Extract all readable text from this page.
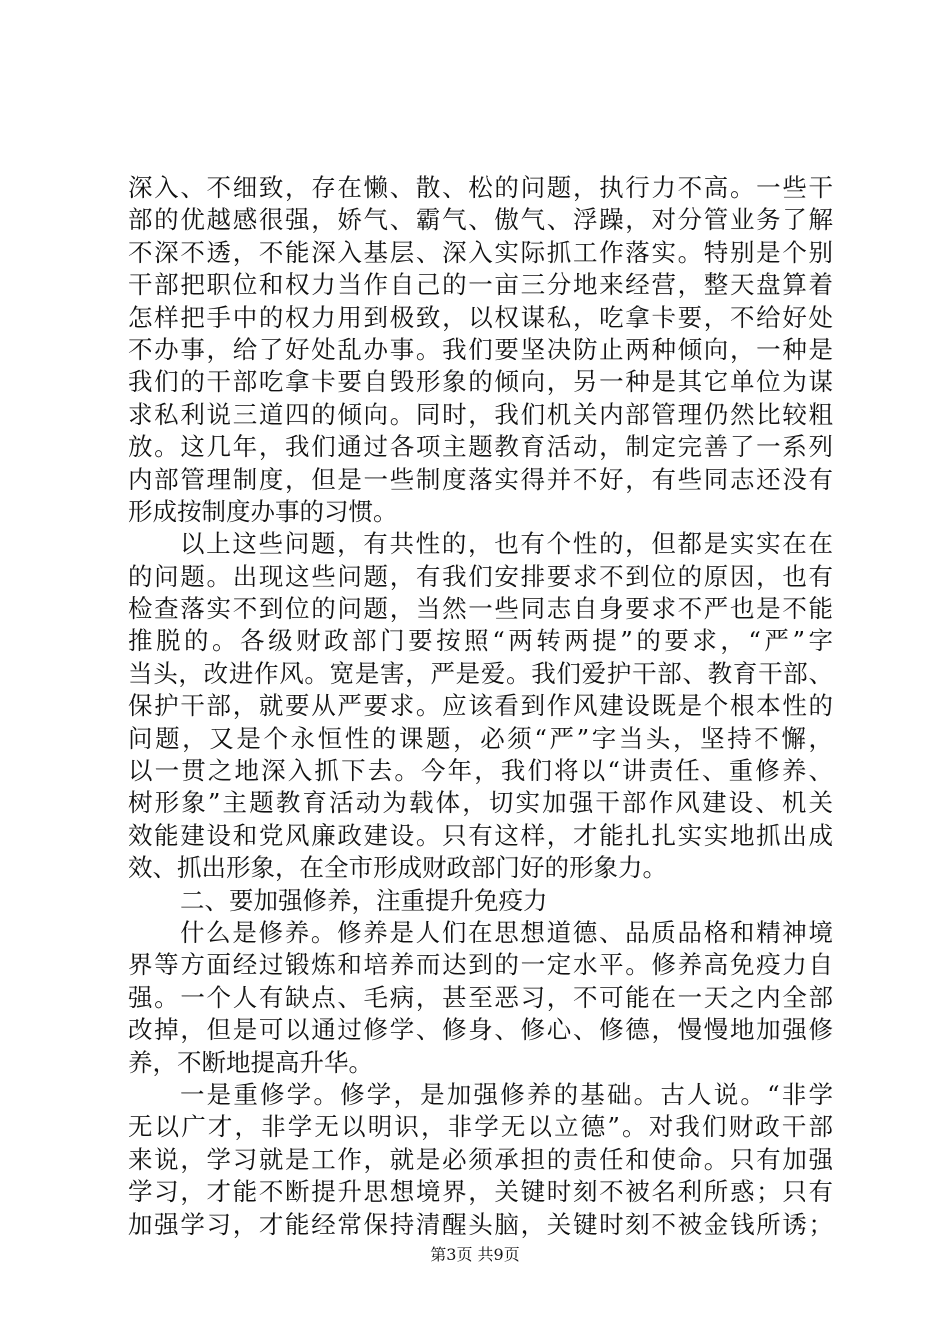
深入、不细致，存在懒、散、松的问题，执行力不高。一些干
部的优越感很强，娇气、霸气、傲气、浮躁，对分管业务了解
不深不透，不能深入基层、深入实际抓工作落实。特别是个别
干部把职位和权力当作自己的一亩三分地来经营，整天盘算着
怎样把手中的权力用到极致，以权谋私，吃拿卡要，不给好处
不办事，给了好处乱办事。我们要坚决防止两种倾向，一种是
我们的干部吃拿卡要自毁形象的倾向，另一种是其它单位为谋
求私利说三道四的倾向。同时，我们机关内部管理仍然比较粗
放。这几年，我们通过各项主题教育活动，制定完善了一系列
内部管理制度，但是一些制度落实得并不好，有些同志还没有
形成按制度办事的习惯。
以上这些问题，有共性的，也有个性的，但都是实实在在
的问题。出现这些问题，有我们安排要求不到位的原因，也有
检查落实不到位的问题，当然一些同志自身要求不严也是不能
推脱的。各级财政部门要按照“两转两提”的要求，“严”字
当头，改进作风。宽是害，严是爱。我们爱护干部、教育干部、
保护干部，就要从严要求。应该看到作风建设既是个根本性的
问题，又是个永恒性的课题，必须“严”字当头，坚持不懈，
以一贯之地深入抓下去。今年，我们将以“讲责任、重修养、
树形象”主题教育活动为载体，切实加强干部作风建设、机关
效能建设和党风廉政建设。只有这样，才能扎扎实实地抓出成
效、抓出形象，在全市形成财政部门好的形象力。
二、要加强修养，注重提升免疫力
什么是修养。修养是人们在思想道德、品质品格和精神境
界等方面经过锻炼和培养而达到的一定水平。修养高免疫力自
强。一个人有缺点、毛病，甚至恶习，不可能在一天之内全部
改掉，但是可以通过修学、修身、修心、修德，慢慢地加强修
养，不断地提高升华。
一是重修学。修学，是加强修养的基础。古人说。“非学
无以广才，非学无以明识，非学无以立德”。对我们财政干部
来说，学习就是工作，就是必须承担的责任和使命。只有加强
学习，才能不断提升思想境界，关键时刻不被名利所惑；只有
加强学习，才能经常保持清醒头脑，关键时刻不被金钱所诱；
第3页 共9页
